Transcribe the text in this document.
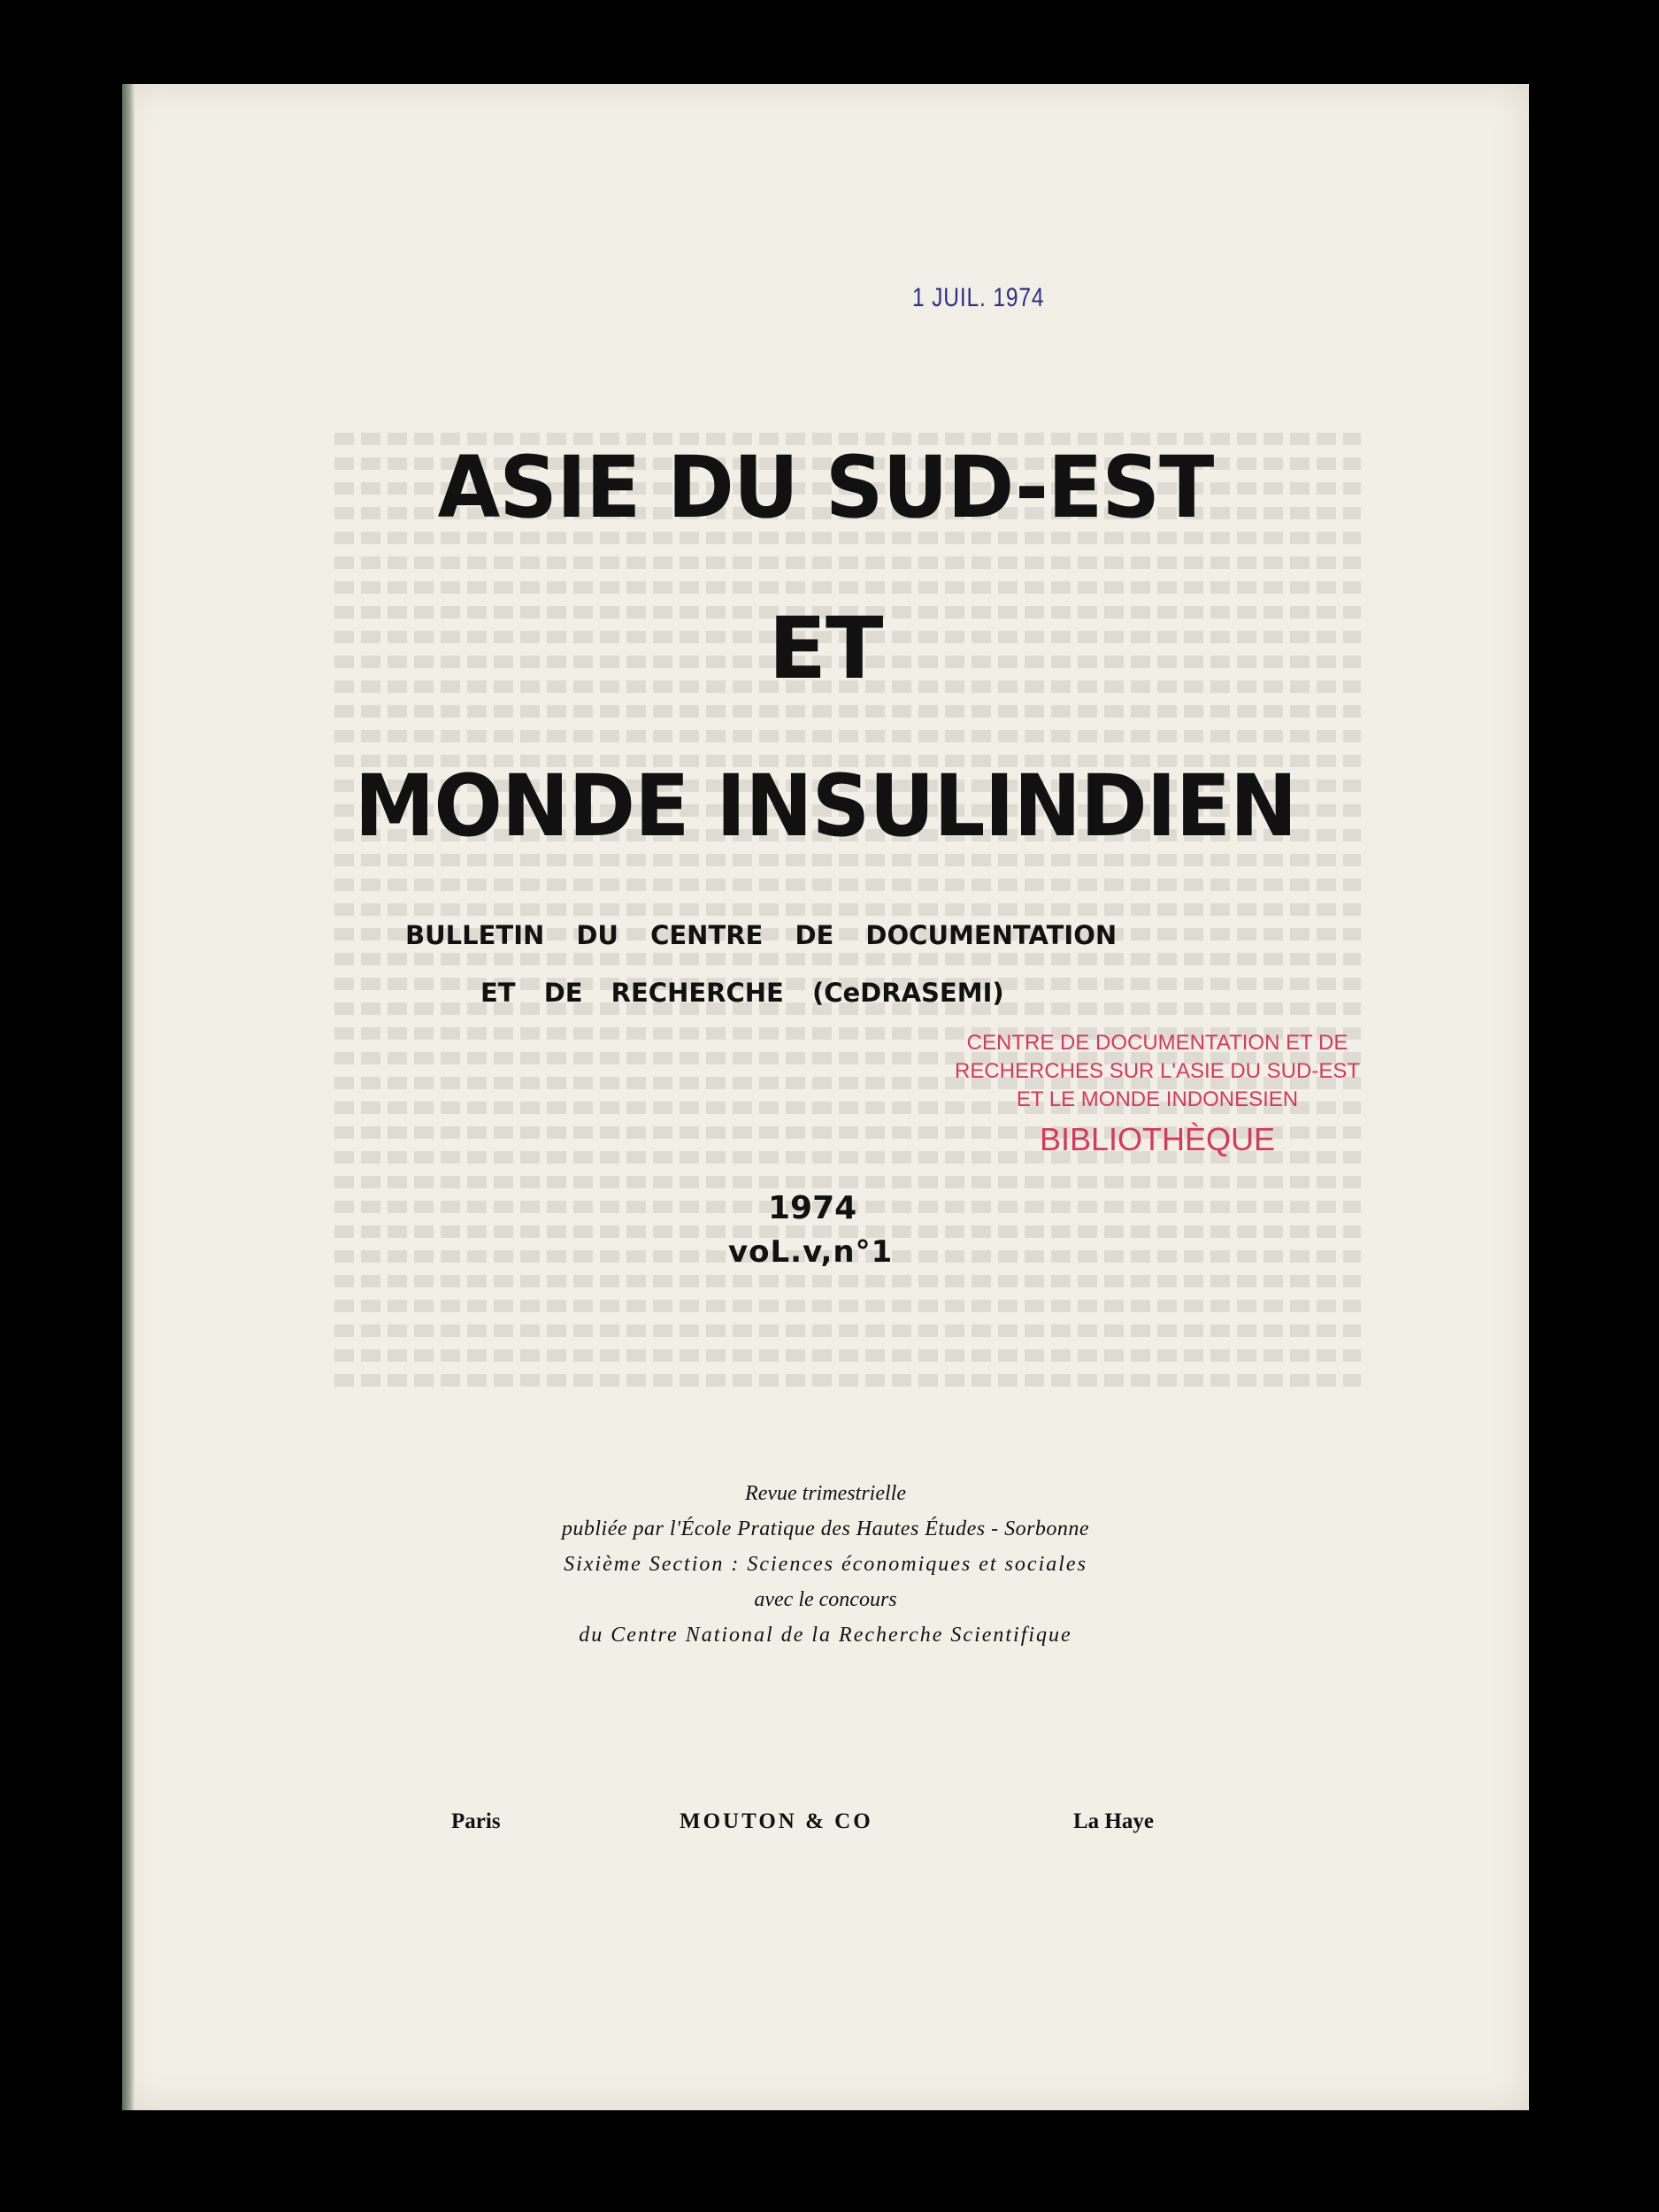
1 JUIL. 1974
ASIE DU SUD-EST
ET
MONDE INSULINDIEN
BULLETIN DU CENTRE DE DOCUMENTATION
ET DE RECHERCHE (CeDRASEMI)
CENTRE DE DOCUMENTATION ET DE
RECHERCHES SUR L'ASIE DU SUD-EST
ET LE MONDE INDONESIEN
BIBLIOTHÈQUE
1974
voL.v,n°1
Revue trimestrielle
publiée par l'École Pratique des Hautes Études - Sorbonne
Sixième Section : Sciences économiques et sociales
avec le concours
du Centre National de la Recherche Scientifique
Paris	MOUTON & CO	La Haye
